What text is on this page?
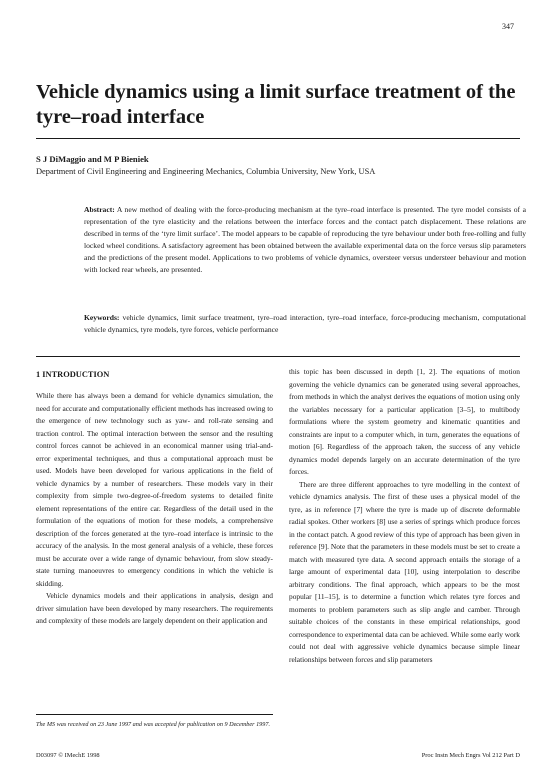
347
Vehicle dynamics using a limit surface treatment of the tyre–road interface
S J DiMaggio and M P Bieniek
Department of Civil Engineering and Engineering Mechanics, Columbia University, New York, USA

Abstract: A new method of dealing with the force-producing mechanism at the tyre–road interface is presented. The tyre model consists of a representation of the tyre elasticity and the relations between the interface forces and the contact patch displacement. These relations are described in terms of the ‘tyre limit surface’. The model appears to be capable of reproducing the tyre behaviour under both free-rolling and fully locked wheel conditions. A satisfactory agreement has been obtained between the available experimental data on the force versus slip parameters and the predictions of the present model. Applications to two problems of vehicle dynamics, oversteer versus understeer behaviour and motion with locked rear wheels, are presented.

Keywords: vehicle dynamics, limit surface treatment, tyre–road interaction, tyre–road interface, force-producing mechanism, computational vehicle dynamics, tyre models, tyre forces, vehicle performance

1 INTRODUCTION

While there has always been a demand for vehicle dynamics simulation, the need for accurate and computationally efficient methods has increased owing to the emergence of new technology such as yaw- and roll-rate sensing and traction control. The optimal interaction between the sensor and the resulting control forces cannot be achieved in an economical manner using trial-and-error experimental techniques, and thus a computational approach must be used. Models have been developed for various applications in the field of vehicle dynamics by a number of researchers. These models vary in their complexity from simple two-degree-of-freedom systems to detailed finite element representations of the entire car. Regardless of the detail used in the formulation of the equations of motion for these models, a comprehensive description of the forces generated at the tyre–road interface is intrinsic to the accuracy of the analysis. In the most general analysis of a vehicle, these forces must be accurate over a wide range of dynamic behaviour, from slow steady-state turning manoeuvres to emergency conditions in which the vehicle is skidding.

Vehicle dynamics models and their applications in analysis, design and driver simulation have been developed by many researchers. The requirements and complexity of these models are largely dependent on their application and

this topic has been discussed in depth [1, 2]. The equations of motion governing the vehicle dynamics can be generated using several approaches, from methods in which the analyst derives the equations of motion using only the variables necessary for a particular application [3–5], to multibody formulations where the system geometry and kinematic quantities and constraints are input to a computer which, in turn, generates the equations of motion [6]. Regardless of the approach taken, the success of any vehicle dynamics model depends largely on an accurate determination of the tyre forces.

There are three different approaches to tyre modelling in the context of vehicle dynamics analysis. The first of these uses a physical model of the tyre, as in reference [7] where the tyre is made up of discrete deformable radial spokes. Other workers [8] use a series of springs which produce forces in the contact patch. A good review of this type of approach has been given in reference [9]. Note that the parameters in these models must be set to create a match with measured tyre data. A second approach entails the storage of a large amount of experimental data [10], using interpolation to describe arbitrary conditions. The final approach, which appears to be the most popular [11–15], is to determine a function which relates tyre forces and moments to problem parameters such as slip angle and camber. Through suitable choices of the constants in these empirical relationships, good correspondence to experimental data can be achieved. While some early work could not deal with aggressive vehicle dynamics because simple linear relationships between forces and slip parameters

The MS was received on 23 June 1997 and was accepted for publication on 9 December 1997.

D03097 © IMechE 1998	Proc Instn Mech Engrs Vol 212 Part D
